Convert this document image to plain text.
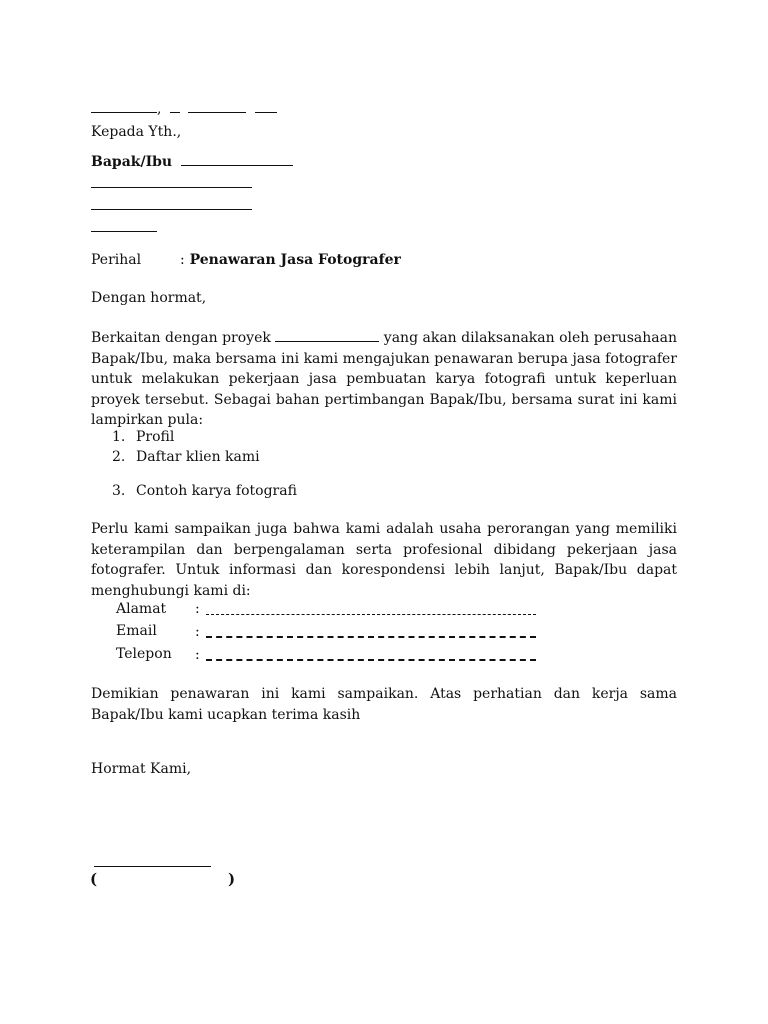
,
Kepada Yth.,
Bapak/Ibu
Perihal	: Penawaran Jasa Fotografer
Dengan hormat,
Berkaitan dengan proyek	yang akan dilaksanakan oleh perusahaan Bapak/Ibu, maka bersama ini kami mengajukan penawaran berupa jasa fotografer untuk melakukan pekerjaan jasa pembuatan karya fotografi untuk keperluan proyek tersebut. Sebagai bahan pertimbangan Bapak/Ibu, bersama surat ini kami lampirkan pula:
1. Profil
2. Daftar klien kami
3. Contoh karya fotografi
Perlu kami sampaikan juga bahwa kami adalah usaha perorangan yang memiliki keterampilan dan berpengalaman serta profesional dibidang pekerjaan jasa fotografer. Untuk informasi dan korespondensi lebih lanjut, Bapak/Ibu dapat menghubungi kami di:
Alamat :
Email	:
Telepon :
Demikian penawaran ini kami sampaikan. Atas perhatian dan kerja sama Bapak/Ibu kami ucapkan terima kasih
Hormat Kami,
(	)
